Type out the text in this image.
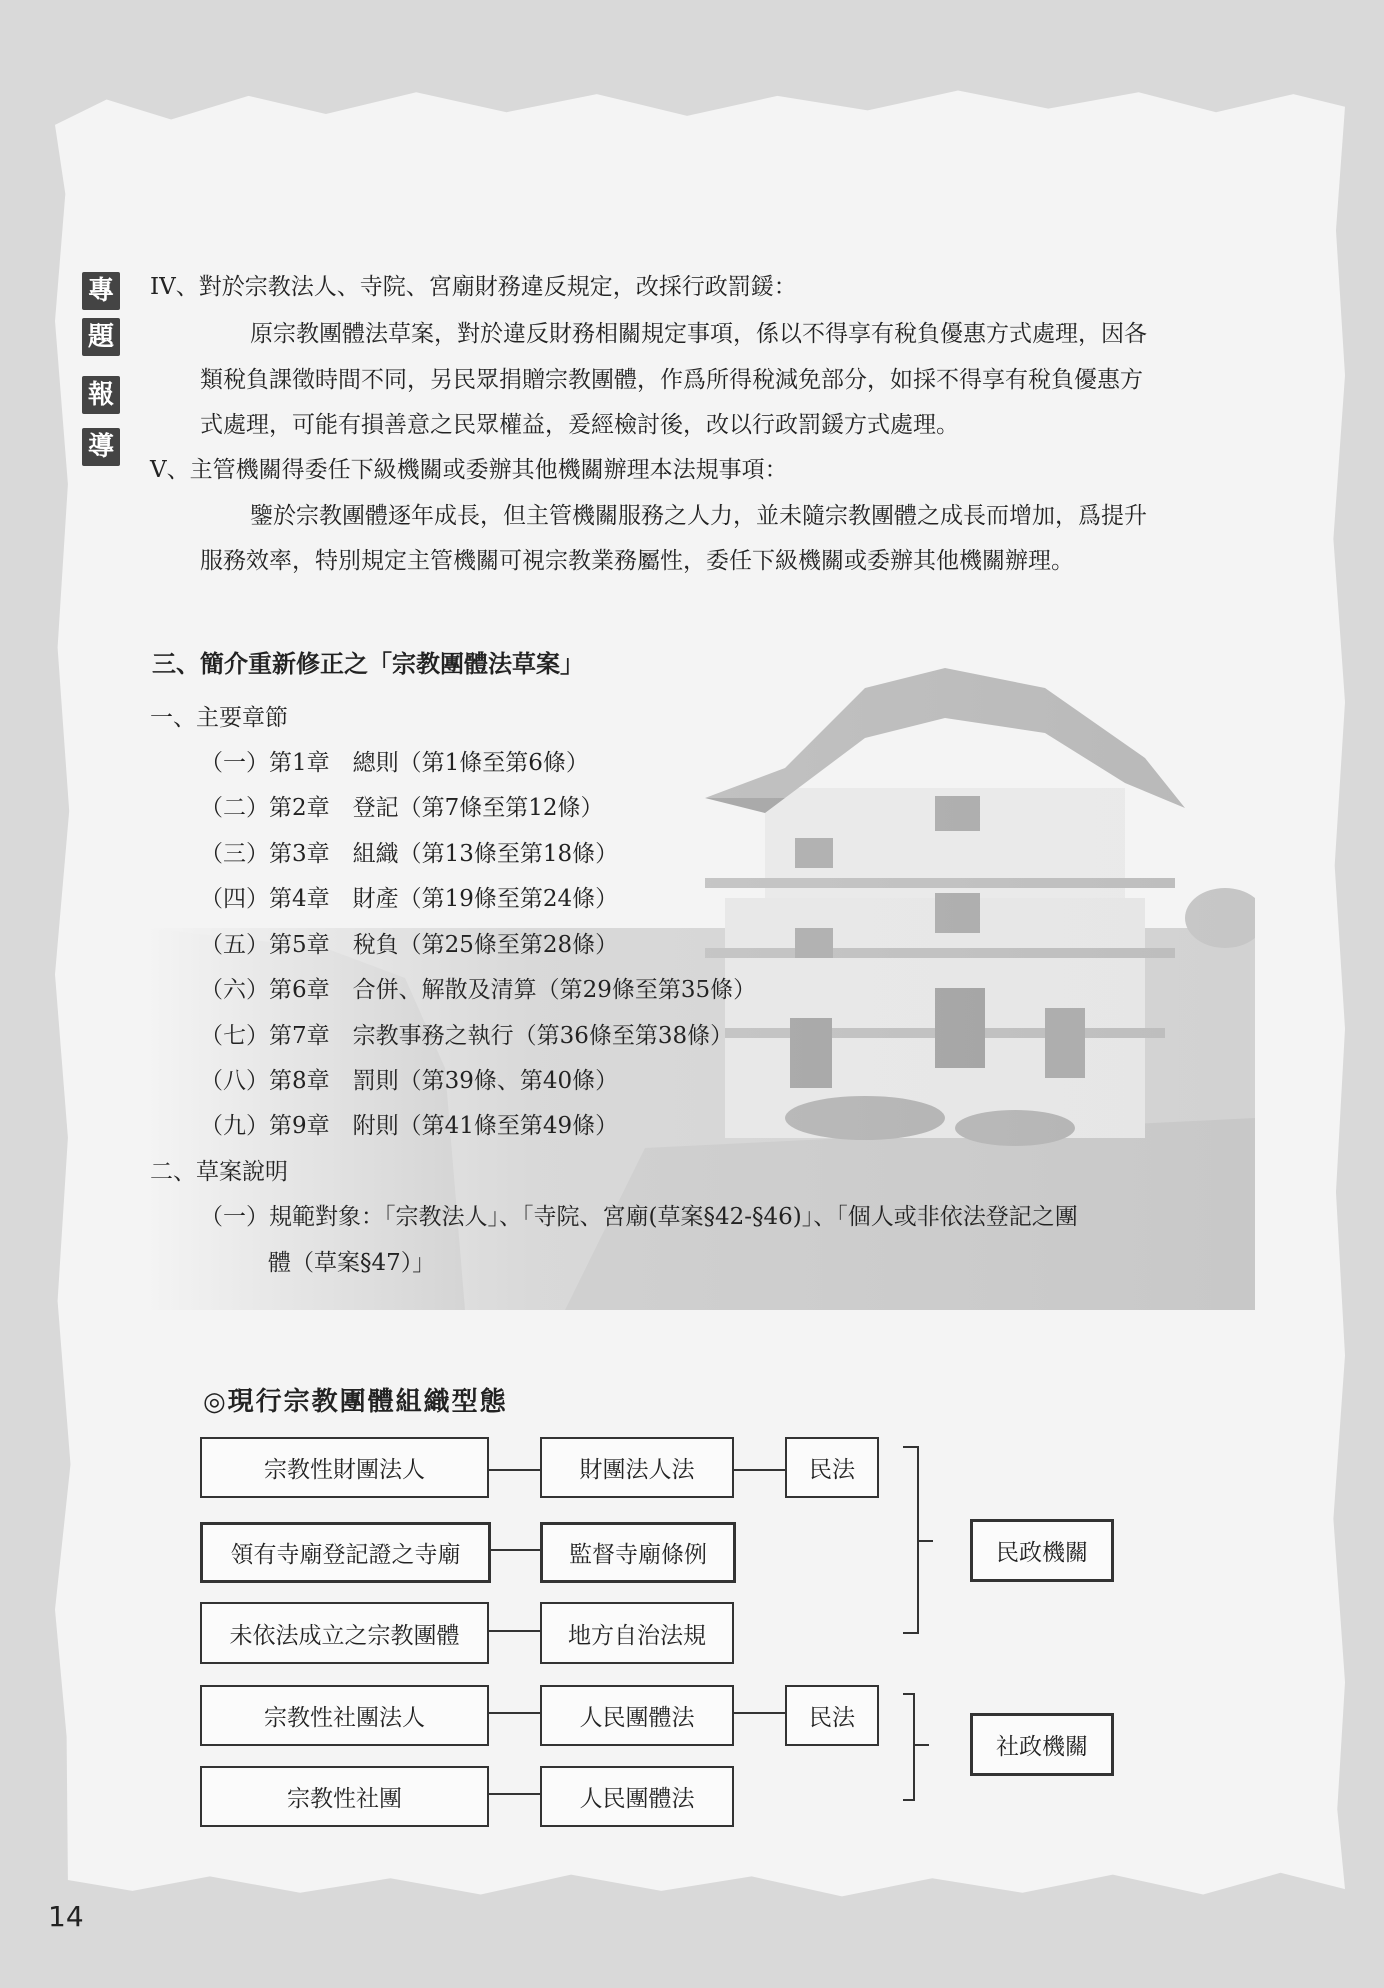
專
題
報
導
IV、對於宗教法人、寺院、宮廟財務違反規定，改採行政罰鍰：
原宗教團體法草案，對於違反財務相關規定事項，係以不得享有稅負優惠方式處理，因各
類稅負課徵時間不同，另民眾捐贈宗教團體，作爲所得稅減免部分，如採不得享有稅負優惠方
式處理，可能有損善意之民眾權益，爰經檢討後，改以行政罰鍰方式處理。
V、主管機關得委任下級機關或委辦其他機關辦理本法規事項：
鑒於宗教團體逐年成長，但主管機關服務之人力，並未隨宗教團體之成長而增加，爲提升
服務效率，特別規定主管機關可視宗教業務屬性，委任下級機關或委辦其他機關辦理。
三、簡介重新修正之「宗教團體法草案」
一、主要章節
（一）第1章　總則（第1條至第6條）
（二）第2章　登記（第7條至第12條）
（三）第3章　組織（第13條至第18條）
（四）第4章　財產（第19條至第24條）
（五）第5章　稅負（第25條至第28條）
（六）第6章　合併、解散及清算（第29條至第35條）
（七）第7章　宗教事務之執行（第36條至第38條）
（八）第8章　罰則（第39條、第40條）
（九）第9章　附則（第41條至第49條）
二、草案說明
（一）規範對象：「宗教法人」、「寺院、宮廟(草案§42-§46)」、「個人或非依法登記之團
體（草案§47）」
◎現行宗教團體組織型態
宗教性財團法人	財團法人法	民法
領有寺廟登記證之寺廟	監督寺廟條例
未依法成立之宗教團體	地方自治法規
民政機關
宗教性社團法人	人民團體法	民法
宗教性社團	人民團體法
社政機關
14
